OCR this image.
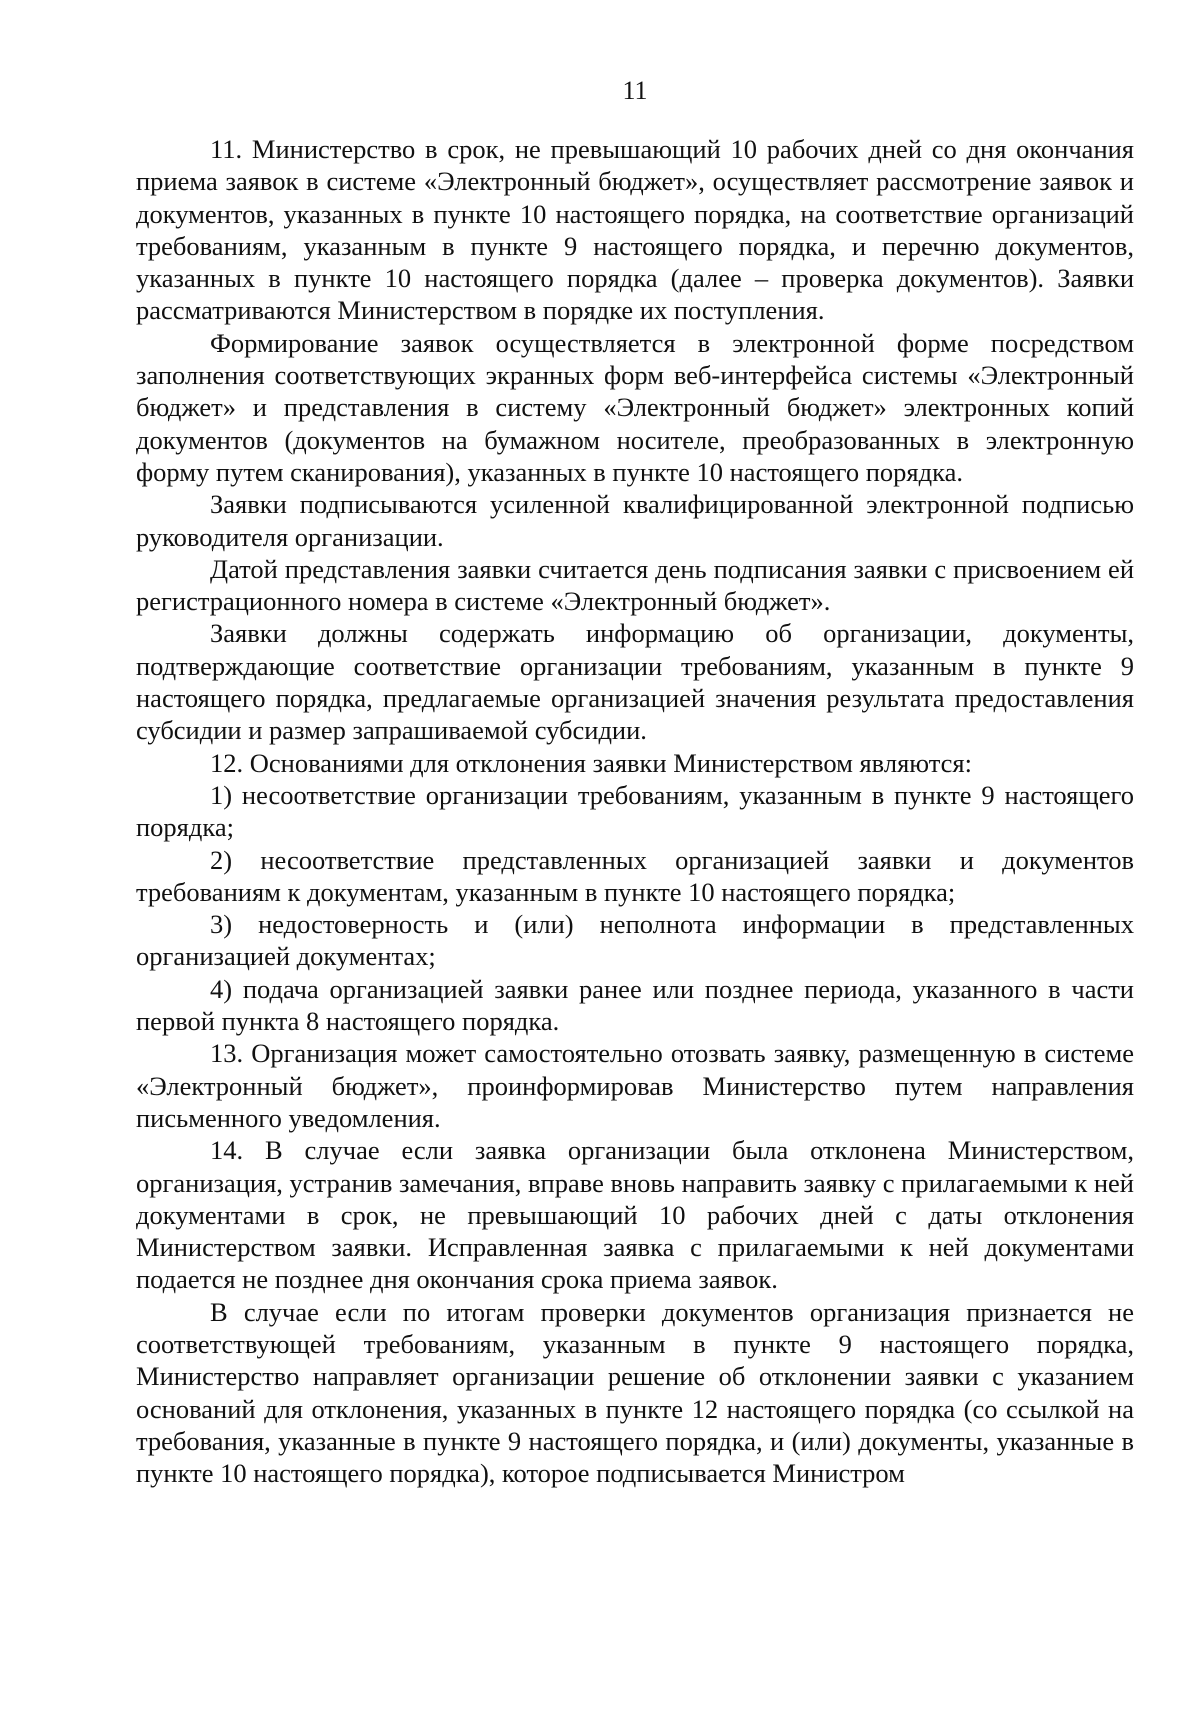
11

11. Министерство в срок, не превышающий 10 рабочих дней со дня окончания приема заявок в системе «Электронный бюджет», осуществляет рассмотрение заявок и документов, указанных в пункте 10 настоящего порядка, на соответствие организаций требованиям, указанным в пункте 9 настоящего порядка, и перечню документов, указанных в пункте 10 настоящего порядка (далее – проверка документов). Заявки рассматриваются Министерством в порядке их поступления.

Формирование заявок осуществляется в электронной форме посредством заполнения соответствующих экранных форм веб-интерфейса системы «Электронный бюджет» и представления в систему «Электронный бюджет» электронных копий документов (документов на бумажном носителе, преобразованных в электронную форму путем сканирования), указанных в пункте 10 настоящего порядка.

Заявки подписываются усиленной квалифицированной электронной подписью руководителя организации.

Датой представления заявки считается день подписания заявки с присвоением ей регистрационного номера в системе «Электронный бюджет».

Заявки должны содержать информацию об организации, документы, подтверждающие соответствие организации требованиям, указанным в пункте 9 настоящего порядка, предлагаемые организацией значения результата предоставления субсидии и размер запрашиваемой субсидии.

12. Основаниями для отклонения заявки Министерством являются:

1) несоответствие организации требованиям, указанным в пункте 9 настоящего порядка;

2) несоответствие представленных организацией заявки и документов требованиям к документам, указанным в пункте 10 настоящего порядка;

3) недостоверность и (или) неполнота информации в представленных организацией документах;

4) подача организацией заявки ранее или позднее периода, указанного в части первой пункта 8 настоящего порядка.

13. Организация может самостоятельно отозвать заявку, размещенную в системе «Электронный бюджет», проинформировав Министерство путем направления письменного уведомления.

14. В случае если заявка организации была отклонена Министерством, организация, устранив замечания, вправе вновь направить заявку с прилагаемыми к ней документами в срок, не превышающий 10 рабочих дней с даты отклонения Министерством заявки. Исправленная заявка с прилагаемыми к ней документами подается не позднее дня окончания срока приема заявок.

В случае если по итогам проверки документов организация признается не соответствующей требованиям, указанным в пункте 9 настоящего порядка, Министерство направляет организации решение об отклонении заявки с указанием оснований для отклонения, указанных в пункте 12 настоящего порядка (со ссылкой на требования, указанные в пункте 9 настоящего порядка, и (или) документы, указанные в пункте 10 настоящего порядка), которое подписывается Министром
